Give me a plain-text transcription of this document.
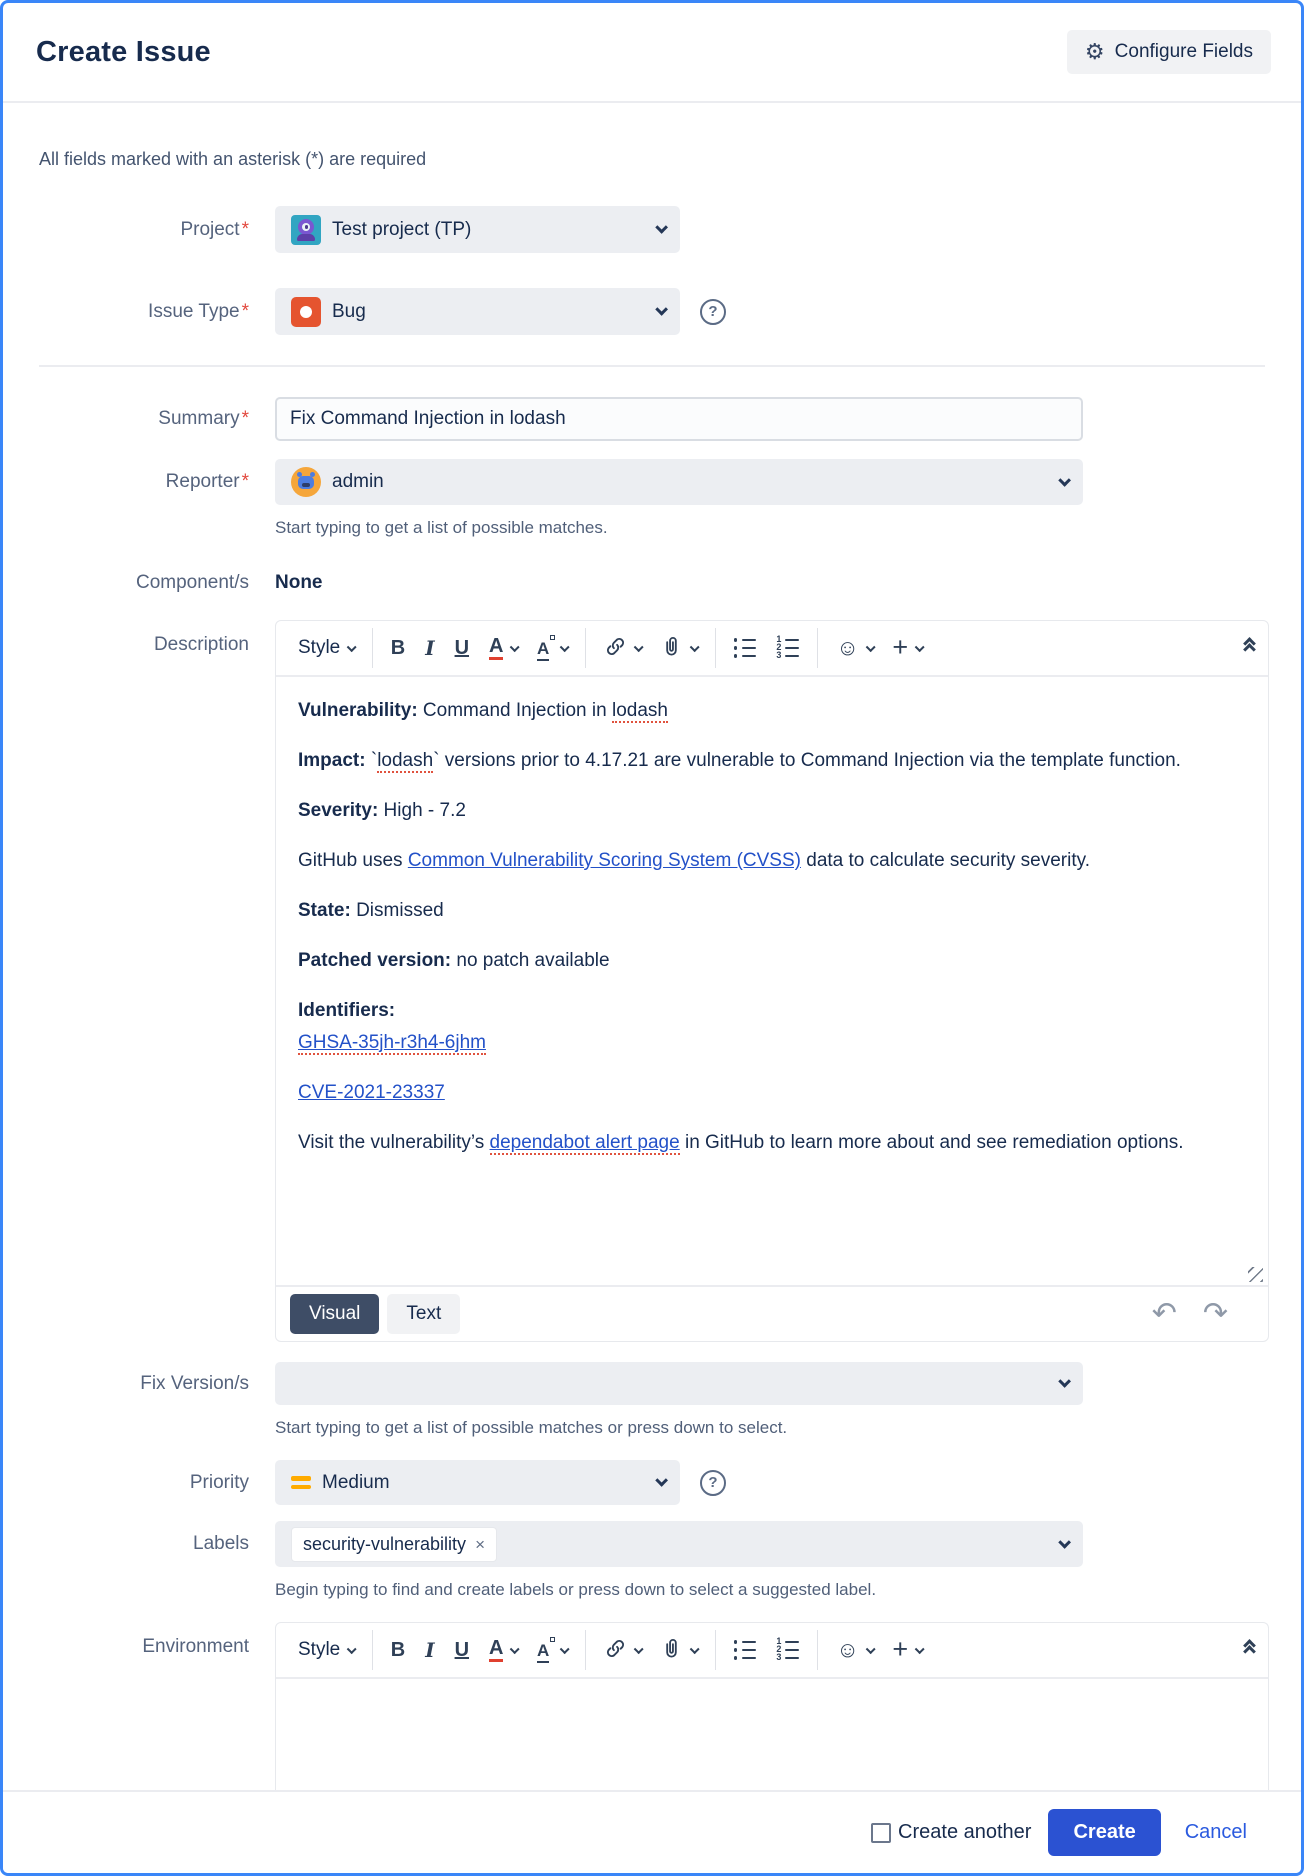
Create Issue	⚙ Configure Fields
All fields marked with an asterisk (*) are required
Project *	Test project (TP)
Issue Type *	Bug	?
Summary *
Fix Command Injection in lodash
Reporter *	admin
Start typing to get a list of possible matches.
Component/s None
Description	Style	B I U A A	1
2
3 ☺ +

Vulnerability: Command Injection in lodash

Impact: `lodash` versions prior to 4.17.21 are vulnerable to Command Injection via the template function.

Severity: High - 7.2

GitHub uses Common Vulnerability Scoring System (CVSS) data to calculate security severity.

State: Dismissed

Patched version: no patch available

Identifiers:
GHSA-35jh-r3h4-6jhm

CVE-2021-23337

Visit the vulnerability’s dependabot alert page in GitHub to learn more about and see remediation options.

Visual	Text	↶ ↷
Fix Version/s
Start typing to get a list of possible matches or press down to select.
Priority	Medium	?
Labels	security-vulnerability ×
Begin typing to find and create labels or press down to select a suggested label.
Environment	Style	B I U A A	1
2
3 ☺ +
Create another	Create	Cancel
